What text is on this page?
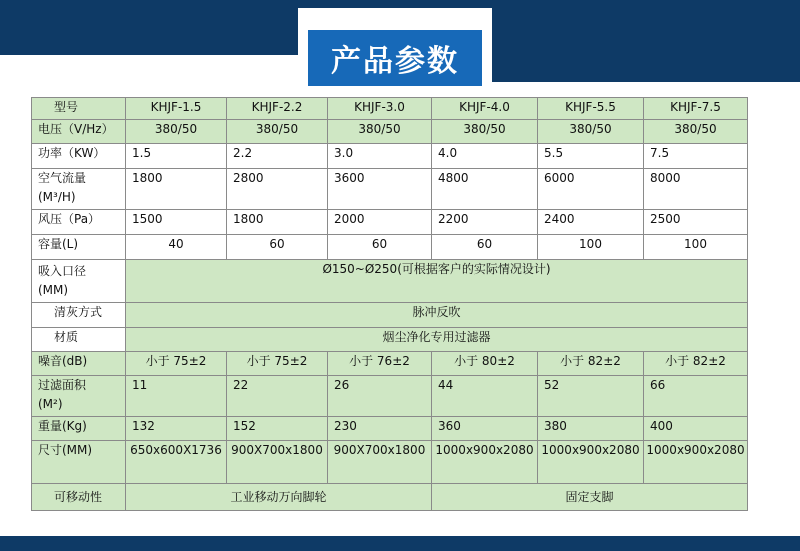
产品参数
型号	KHJF-1.5	KHJF-2.2	KHJF-3.0	KHJF-4.0	KHJF-5.5	KHJF-7.5
电压（V/Hz）	380/50	380/50	380/50	380/50	380/50	380/50
功率（KW）	1.5	2.2	3.0	4.0	5.5	7.5
空气流量
(M³/H)	1800	2800	3600	4800	6000	8000
风压（Pa）	1500	1800	2000	2200	2400	2500
容量(L)	40	60	60	60	100	100
吸入口径
(MM)	Ø150~Ø250(可根据客户的实际情况设计)					
清灰方式	脉冲反吹					
材质	烟尘净化专用过滤器					
噪音(dB)	小于 75±2	小于 75±2	小于 76±2	小于 80±2	小于 82±2	小于 82±2
过滤面积
(M²)	11	22	26	44	52	66
重量(Kg)	132	152	230	360	380	400
尺寸(MM)	650x600X1736	900X700x1800	900X700x1800	1000x900x2080	1000x900x2080	1000x900x2080
可移动性	工业移动万向脚轮			固定支脚		
